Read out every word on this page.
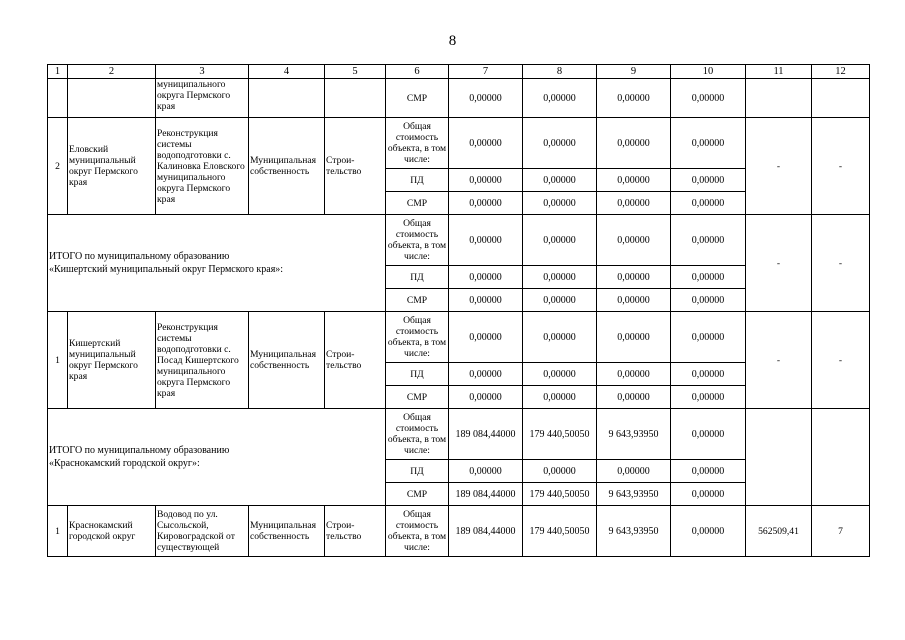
8
1	2	3	4	5	6	7	8	9	10	11	12
		муниципального округа Пермского края			СМР	0,00000	0,00000	0,00000	0,00000		
2	Еловский муниципальный округ Пермского края	Реконструкция системы водоподготовки с. Калиновка Еловского муниципального округа Пермского края	Муниципальная собственность	Строи-тельство	Общая стоимость объекта, в том числе:	0,00000	0,00000	0,00000	0,00000	-	-
					ПД	0,00000	0,00000	0,00000	0,00000		
					СМР	0,00000	0,00000	0,00000	0,00000		
ИТОГО по муниципальному образованию
«Кишертский муниципальный округ Пермского края»:					Общая стоимость объекта, в том числе:	0,00000	0,00000	0,00000	0,00000	-	-
					ПД	0,00000	0,00000	0,00000	0,00000		
					СМР	0,00000	0,00000	0,00000	0,00000		
1	Кишертский муниципальный округ Пермского края	Реконструкция системы водоподготовки с. Посад Кишертского муниципального округа Пермского края	Муниципальная собственность	Строи-тельство	Общая стоимость объекта, в том числе:	0,00000	0,00000	0,00000	0,00000	-	-
					ПД	0,00000	0,00000	0,00000	0,00000		
					СМР	0,00000	0,00000	0,00000	0,00000		
ИТОГО по муниципальному образованию
«Краснокамский городской округ»:					Общая стоимость объекта, в том числе:	189 084,44000	179 440,50050	9 643,93950	0,00000		
					ПД	0,00000	0,00000	0,00000	0,00000		
					СМР	189 084,44000	179 440,50050	9 643,93950	0,00000		
1	Краснокамский городской округ	Водовод по ул. Сысольской, Кировоградской от существующей	Муниципальная собственность	Строи-тельство	Общая стоимость объекта, в том числе:	189 084,44000	179 440,50050	9 643,93950	0,00000	562509,41	7
